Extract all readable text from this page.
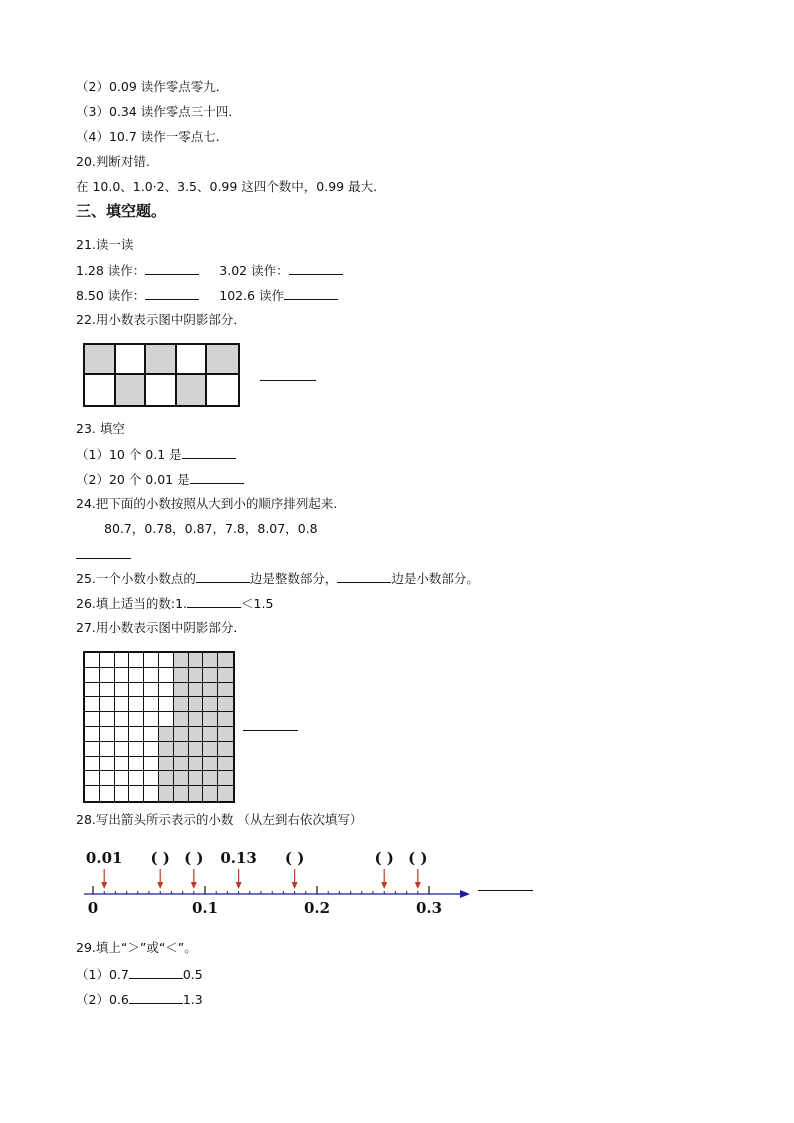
（2）0.09 读作零点零九．
（3）0.34 读作零点三十四．
（4）10.7 读作一零点七．
20.判断对错.
在 10.0、1.0·2、3.5、0.99 这四个数中，0.99 最大．
三、填空题。
21.读一读
1.28 读作：	3.02 读作：
8.50 读作：	102.6 读作
22.用小数表示图中阴影部分．
23. 填空
（1）10 个 0.1 是
（2）20 个 0.01 是
24.把下面的小数按照从大到小的顺序排列起来.
80.7，0.78，0.87，7.8，8.07，0.8
25.一个小数小数点的	边是整数部分，	边是小数部分。
26.填上适当的数:1.	＜1.5
27.用小数表示图中阴影部分．
28.写出箭头所示表示的小数 （从左到右依次填写）
0	0.1	0.2	0.3
0.01 ( ) ( ) 0.13 ( )	( ) ( )
29.填上“＞”或“＜”。
（1）0.7	0.5
（2）0.6	1.3
